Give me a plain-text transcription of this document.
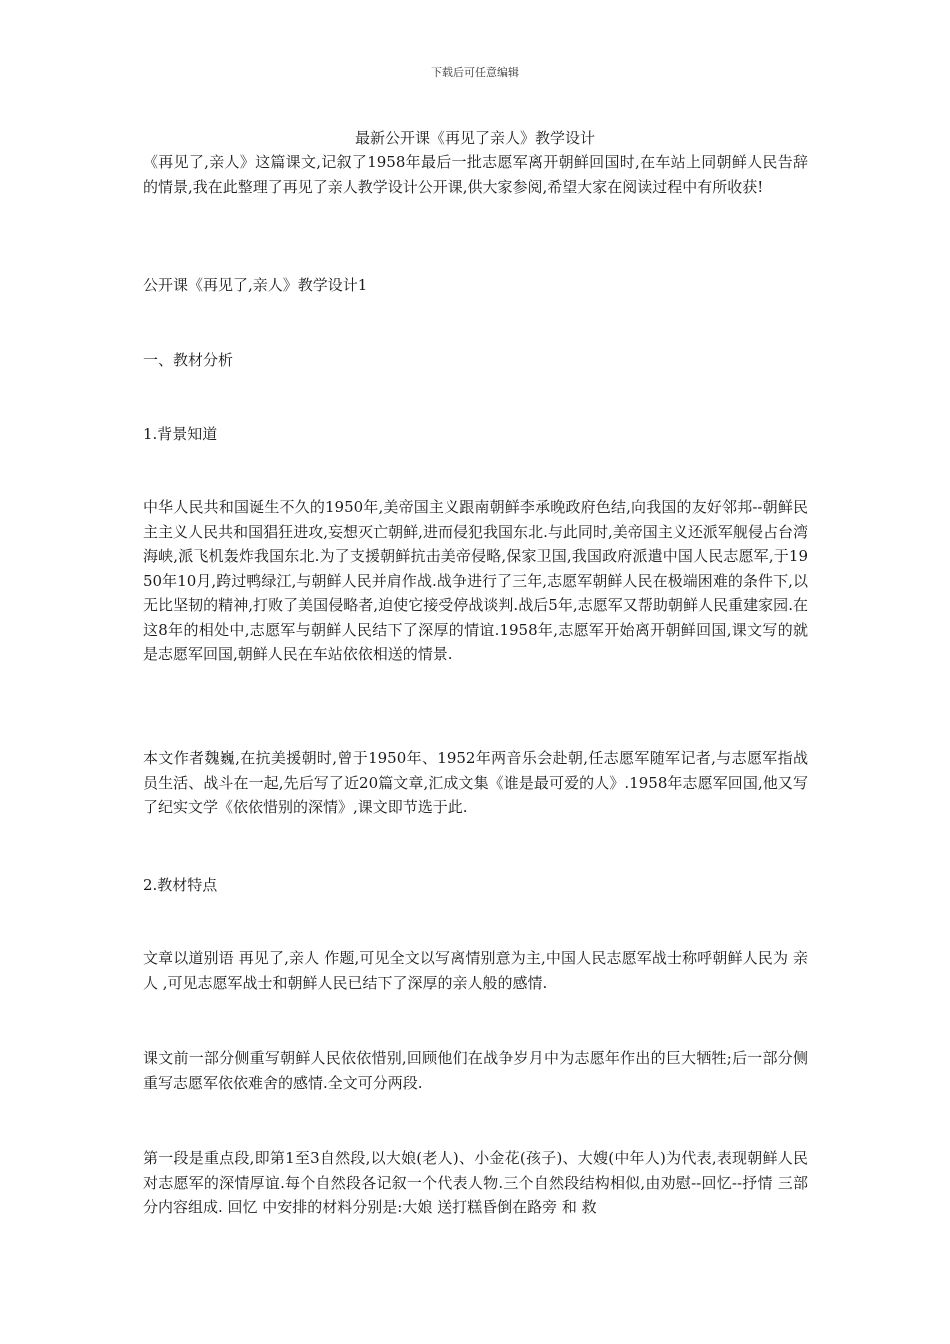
下载后可任意编辑
最新公开课《再见了亲人》教学设计
《再见了,亲人》这篇课文,记叙了1958年最后一批志愿军离开朝鲜回国时,在车站上同朝鲜人民告辞的情景,我在此整理了再见了亲人教学设计公开课,供大家参阅,希望大家在阅读过程中有所收获!
公开课《再见了,亲人》教学设计1
一、教材分析
1.背景知道
中华人民共和国诞生不久的1950年,美帝国主义跟南朝鲜李承晚政府色结,向我国的友好邻邦--朝鲜民主主义人民共和国猖狂进攻,妄想灭亡朝鲜,进而侵犯我国东北.与此同时,美帝国主义还派军舰侵占台湾海峡,派飞机轰炸我国东北.为了支援朝鲜抗击美帝侵略,保家卫国,我国政府派遣中国人民志愿军,于1950年10月,跨过鸭绿江,与朝鲜人民并肩作战.战争进行了三年,志愿军朝鲜人民在极端困难的条件下,以无比坚韧的精神,打败了美国侵略者,迫使它接受停战谈判.战后5年,志愿军又帮助朝鲜人民重建家园.在这8年的相处中,志愿军与朝鲜人民结下了深厚的情谊.1958年,志愿军开始离开朝鲜回国,课文写的就是志愿军回国,朝鲜人民在车站依依相送的情景.
本文作者魏巍,在抗美援朝时,曾于1950年、1952年两音乐会赴朝,任志愿军随军记者,与志愿军指战员生活、战斗在一起,先后写了近20篇文章,汇成文集《谁是最可爱的人》.1958年志愿军回国,他又写了纪实文学《依依惜别的深情》,课文即节选于此.
2.教材特点
文章以道别语 再见了,亲人 作题,可见全文以写离情别意为主,中国人民志愿军战士称呼朝鲜人民为 亲人 ,可见志愿军战士和朝鲜人民已结下了深厚的亲人般的感情.
课文前一部分侧重写朝鲜人民依依惜别,回顾他们在战争岁月中为志愿年作出的巨大牺牲;后一部分侧重写志愿军依依难舍的感情.全文可分两段.
第一段是重点段,即第1至3自然段,以大娘(老人)、小金花(孩子)、大嫂(中年人)为代表,表现朝鲜人民对志愿军的深情厚谊.每个自然段各记叙一个代表人物.三个自然段结构相似,由劝慰--回忆--抒情 三部分内容组成. 回忆 中安排的材料分别是:大娘 送打糕昏倒在路旁 和 救
